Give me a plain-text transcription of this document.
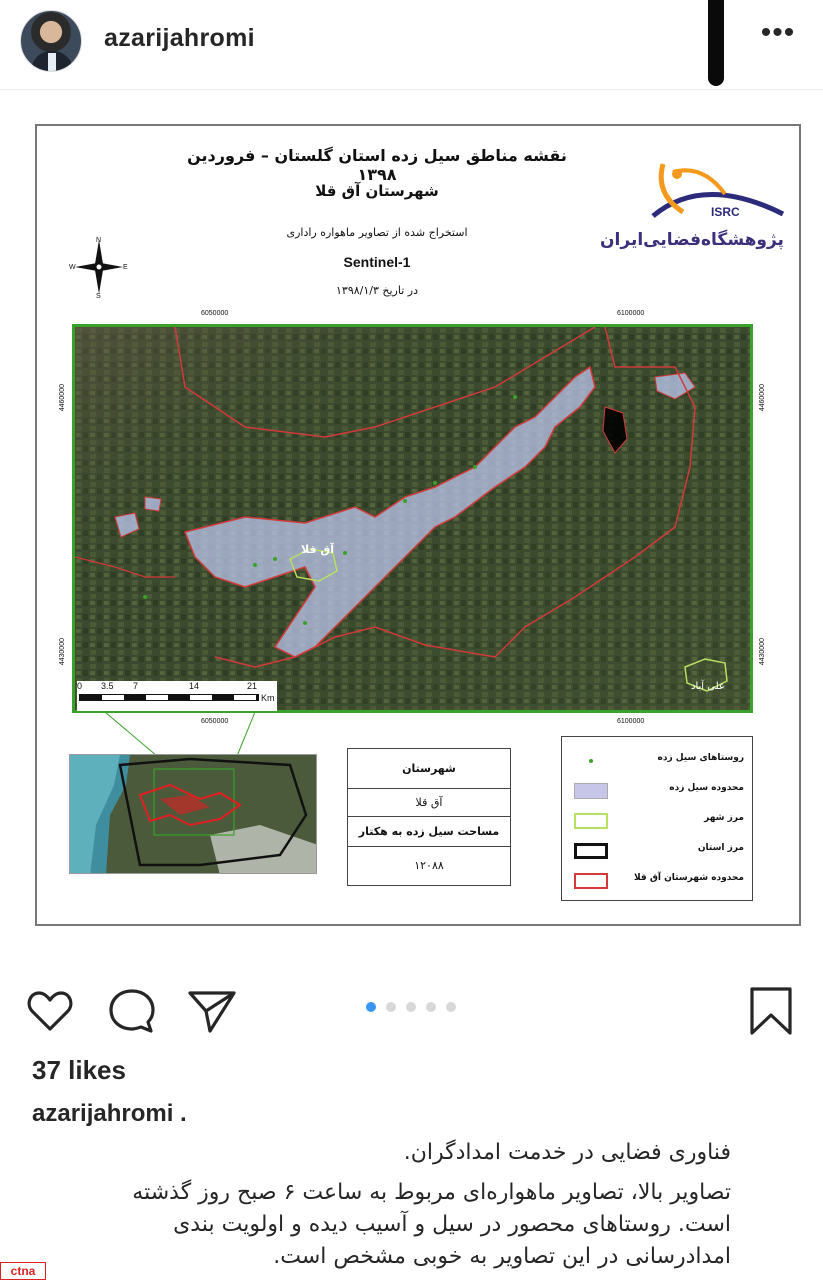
azarijahromi	•••
نقشه مناطق سیل زده استان گلستان – فروردین ۱۳۹۸
شهرستان آق قلا
استخراج شده از تصاویر ماهواره راداری
Sentinel-1
در تاریخ ۱۳۹۸/۱/۳
ISRC
پژوهشگاه‌فضایی‌ایران
N
S
W	E
6050000	6100000
6050000	6100000
4460000
4430000
4460000
4430000
آق قلا
علی آباد
0 3.5 7	14	21
Km
شهرستان
آق قلا
مساحت سیل زده به هکتار
۱۲۰۸۸
روستاهای سیل زده
محدوده سیل زده
مرز شهر
مرز استان
محدوده شهرستان آق قلا
37 likes
azarijahromi .
فناوری فضایی در خدمت امدادگران.
تصاویر بالا، تصاویر ماهواره‌ای مربوط به ساعت ۶ صبح روز گذشته
است. روستاهای محصور در سیل و آسیب دیده و اولویت بندی
امدادرسانی در این تصاویر به خوبی مشخص است.
ctna
